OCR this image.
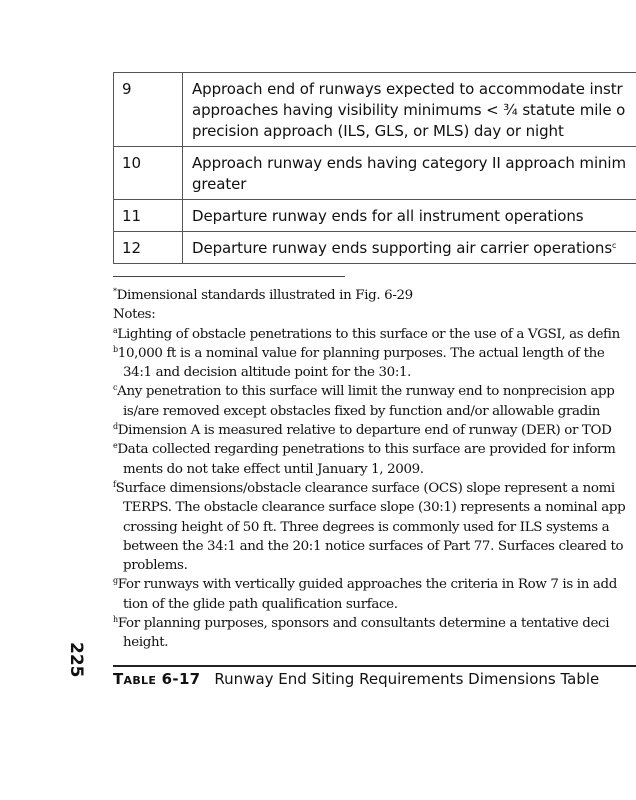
9	Approach end of runways expected to accommodate instr
approaches having visibility minimums < ¾ statute mile o
precision approach (ILS, GLS, or MLS) day or night
10	Approach runway ends having category II approach minim
greater
11	Departure runway ends for all instrument operations
12	Departure runway ends supporting air carrier operations$^c$
*Dimensional standards illustrated in Fig. 6-29
Notes:
$^a$Lighting of obstacle penetrations to this surface or the use of a VGSI, as defin
$^b$10,000 ft is a nominal value for planning purposes. The actual length of the
34:1 and decision altitude point for the 30:1.
$^c$Any penetration to this surface will limit the runway end to nonprecision app
is/are removed except obstacles fixed by function and/or allowable gradin
$^d$Dimension A is measured relative to departure end of runway (DER) or TOD
$^e$Data collected regarding penetrations to this surface are provided for inform
ments do not take effect until January 1, 2009.
$^f$Surface dimensions/obstacle clearance surface (OCS) slope represent a nomi
TERPS. The obstacle clearance surface slope (30:1) represents a nominal app
crossing height of 50 ft. Three degrees is commonly used for ILS systems a
between the 34:1 and the 20:1 notice surfaces of Part 77. Surfaces cleared to
problems.
$^g$For runways with vertically guided approaches the criteria in Row 7 is in add
tion of the glide path qualification surface.
$^h$For planning purposes, sponsors and consultants determine a tentative deci
height.
225
Table 6-17 Runway End Siting Requirements Dimensions Table
